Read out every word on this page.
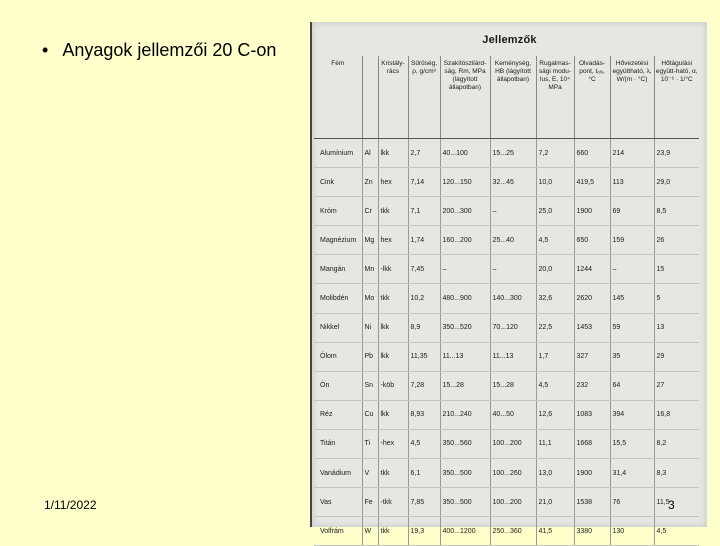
• Anyagok jellemzői 20 C-on	Jellemzők
Fém		Kristály-rács	Sűrűség, ρ, g/cm³	Szakítószilárd-ság, Rm, MPa (lágyított állapotban)	Keménység, HB (lágyított állapotban)	Rugalmas-sági modu-lus, E, 10⁴ MPa	Olvadás-pont, tₒₗᵥ, °C	Hővezetési együttható, λ, W/(m · °C)	Hőtágulási együtt-ható, α, 10⁻⁶ · 1/°C
Alumínium	Al	lkk	2,7	40...100	15...25	7,2	660	214	23,9
Cink	Zn	hex	7,14	120...150	32...45	10,0	419,5	113	29,0
Króm	Cr	tkk	7,1	200...300	–	25,0	1900	69	8,5
Magnézium	Mg	hex	1,74	160...200	25...40	4,5	650	159	26
Mangán	Mn	-lkk	7,45	–	–	20,0	1244	–	15
Molibdén	Mo	tkk	10,2	480...900	140...300	32,6	2620	145	5
Nikkel	Ni	lkk	8,9	350...520	70...120	22,5	1453	59	13
Ólom	Pb	lkk	11,35	11...13	11...13	1,7	327	35	29
Ón	Sn	-köb	7,28	15...28	15...28	4,5	232	64	27
Réz	Cu	lkk	8,93	210...240	40...50	12,6	1083	394	16,8
Titán	Ti	-hex	4,5	350...560	100...200	11,1	1668	15,5	8,2
Vanádium	V	tkk	6,1	350...500	100...260	13,0	1900	31,4	8,3
Vas	Fe	-tkk	7,85	350...500	100...200	21,0	1538	76	11,5
Volfrám	W	tkk	19,3	400...1200	250...360	41,5	3380	130	4,5
1/11/2022	3
